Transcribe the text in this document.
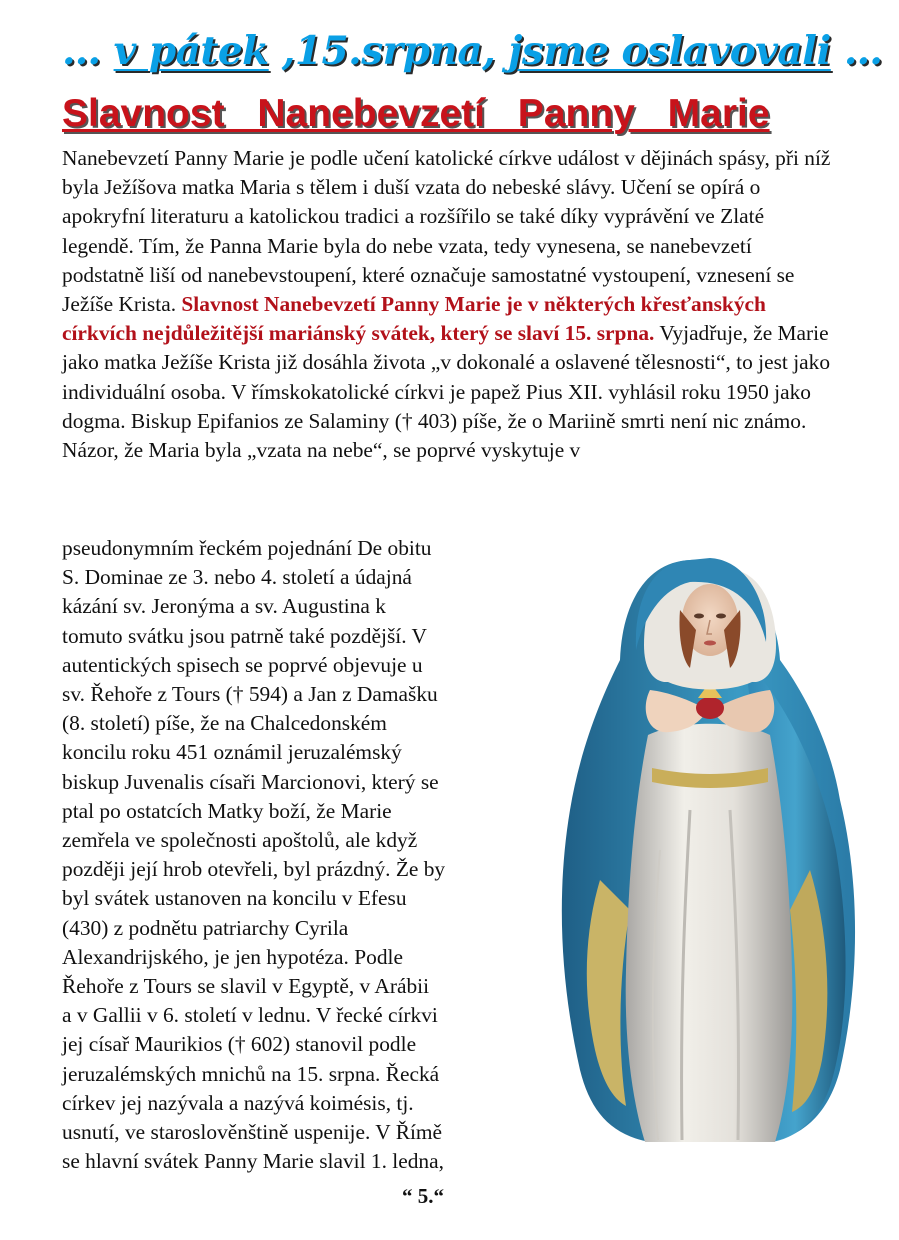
… v pátek ,15.srpna, jsme oslavovali …
Slavnost Nanebevzetí Panny Marie
Nanebevzetí Panny Marie je podle učení katolické církve událost v dějinách spásy, při níž byla Ježíšova matka Maria s tělem i duší vzata do nebeské slávy. Učení se opírá o apokryfní literaturu a katolickou tradici a rozšířilo se také díky vyprávění ve Zlaté legendě. Tím, že Panna Marie byla do nebe vzata, tedy vynesena, se nanebevzetí podstatně liší od nanebevstoupení, které označuje samostatné vystoupení, vznesení se Ježíše Krista. Slavnost Nanebevzetí Panny Marie je v některých křesťanských církvích nejdůležitější mariánský svátek, který se slaví 15. srpna. Vyjadřuje, že Marie jako matka Ježíše Krista již dosáhla života „v dokonalé a oslavené tělesnosti“, to jest jako individuální osoba. V římskokatolické církvi je papež Pius XII. vyhlásil roku 1950 jako dogma. Biskup Epifanios ze Salaminy († 403) píše, že o Mariině smrti není nic známo. Názor, že Maria byla „vzata na nebe“, se poprvé vyskytuje v
pseudonymním řeckém pojednání De obitu
S. Dominae ze 3. nebo 4. století a údajná
kázání sv. Jeronýma a sv. Augustina k
tomuto svátku jsou patrně také pozdější. V
autentických spisech se poprvé objevuje u
sv. Řehoře z Tours († 594) a Jan z Damašku
(8. století) píše, že na Chalcedonském
koncilu roku 451 oznámil jeruzalémský
biskup Juvenalis císaři Marcionovi, který se
ptal po ostatcích Matky boží, že Marie
zemřela ve společnosti apoštolů, ale když
později její hrob otevřeli, byl prázdný. Že by
byl svátek ustanoven na koncilu v Efesu
(430) z podnětu patriarchy Cyrila
Alexandrijského, je jen hypotéza. Podle
Řehoře z Tours se slavil v Egyptě, v Arábii
a v Gallii v 6. století v lednu. V řecké církvi
jej císař Maurikios († 602) stanovil podle
jeruzalémských mnichů na 15. srpna. Řecká
církev jej nazývala a nazývá koimésis, tj.
usnutí, ve staroslověnštině uspenije. V Římě
se hlavní svátek Panny Marie slavil 1. ledna,
“ 5.“
